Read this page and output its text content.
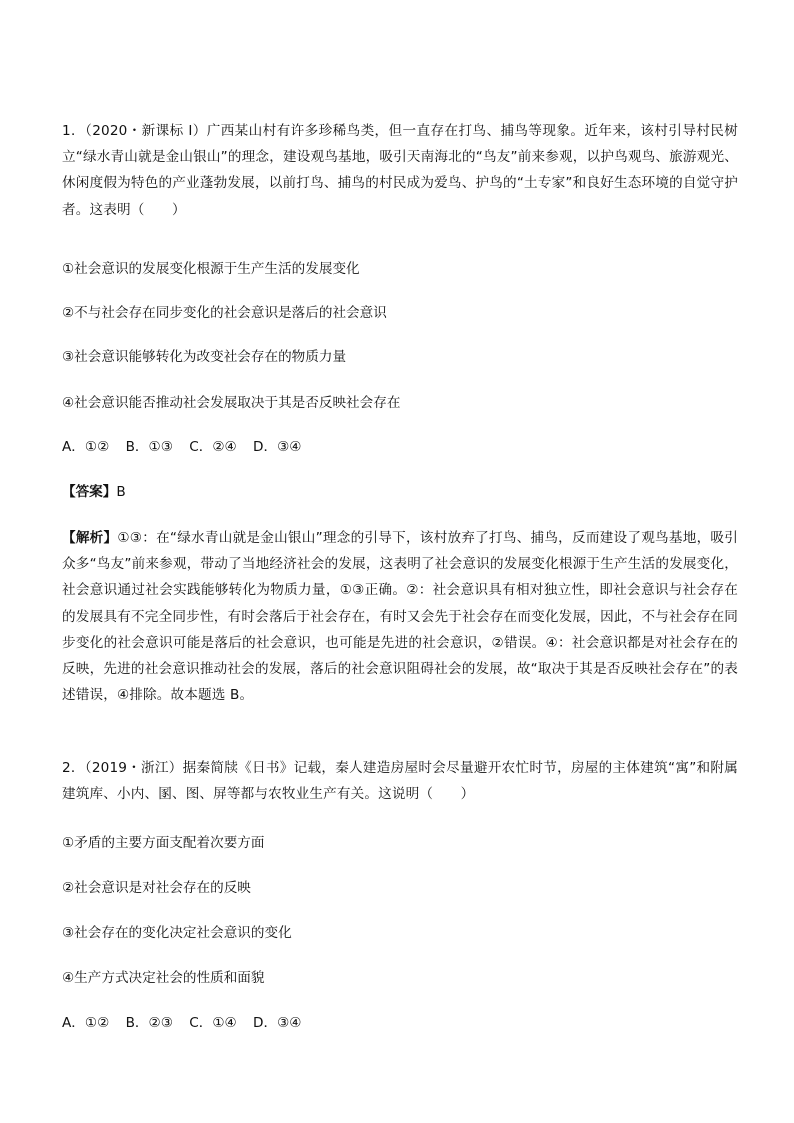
1．（2020・新课标 I）广西某山村有许多珍稀鸟类，但一直存在打鸟、捕鸟等现象。近年来，该村引导村民树立“绿水青山就是金山银山”的理念，建设观鸟基地，吸引天南海北的“鸟友”前来参观，以护鸟观鸟、旅游观光、休闲度假为特色的产业蓬勃发展，以前打鸟、捕鸟的村民成为爱鸟、护鸟的“土专家”和良好生态环境的自觉守护者。这表明（　　）
①社会意识的发展变化根源于生产生活的发展变化
②不与社会存在同步变化的社会意识是落后的社会意识
③社会意识能够转化为改变社会存在的物质力量
④社会意识能否推动社会发展取决于其是否反映社会存在
A．①② B．①③ C．②④ D．③④
【答案】B
【解析】①③：在“绿水青山就是金山银山”理念的引导下，该村放弃了打鸟、捕鸟，反而建设了观鸟基地，吸引众多“鸟友”前来参观，带动了当地经济社会的发展，这表明了社会意识的发展变化根源于生产生活的发展变化，社会意识通过社会实践能够转化为物质力量，①③正确。②：社会意识具有相对独立性，即社会意识与社会存在的发展具有不完全同步性，有时会落后于社会存在，有时又会先于社会存在而变化发展，因此，不与社会存在同步变化的社会意识可能是落后的社会意识，也可能是先进的社会意识，②错误。④：社会意识都是对社会存在的反映，先进的社会意识推动社会的发展，落后的社会意识阻碍社会的发展，故“取决于其是否反映社会存在”的表述错误，④排除。故本题选 B。
2．（2019・浙江）据秦简牍《日书》记载，秦人建造房屋时会尽量避开农忙时节，房屋的主体建筑“寓”和附属建筑库、小内、圂、图、屏等都与农牧业生产有关。这说明（　　）
①矛盾的主要方面支配着次要方面
②社会意识是对社会存在的反映
③社会存在的变化决定社会意识的变化
④生产方式决定社会的性质和面貌
A．①② B．②③ C．①④ D．③④
